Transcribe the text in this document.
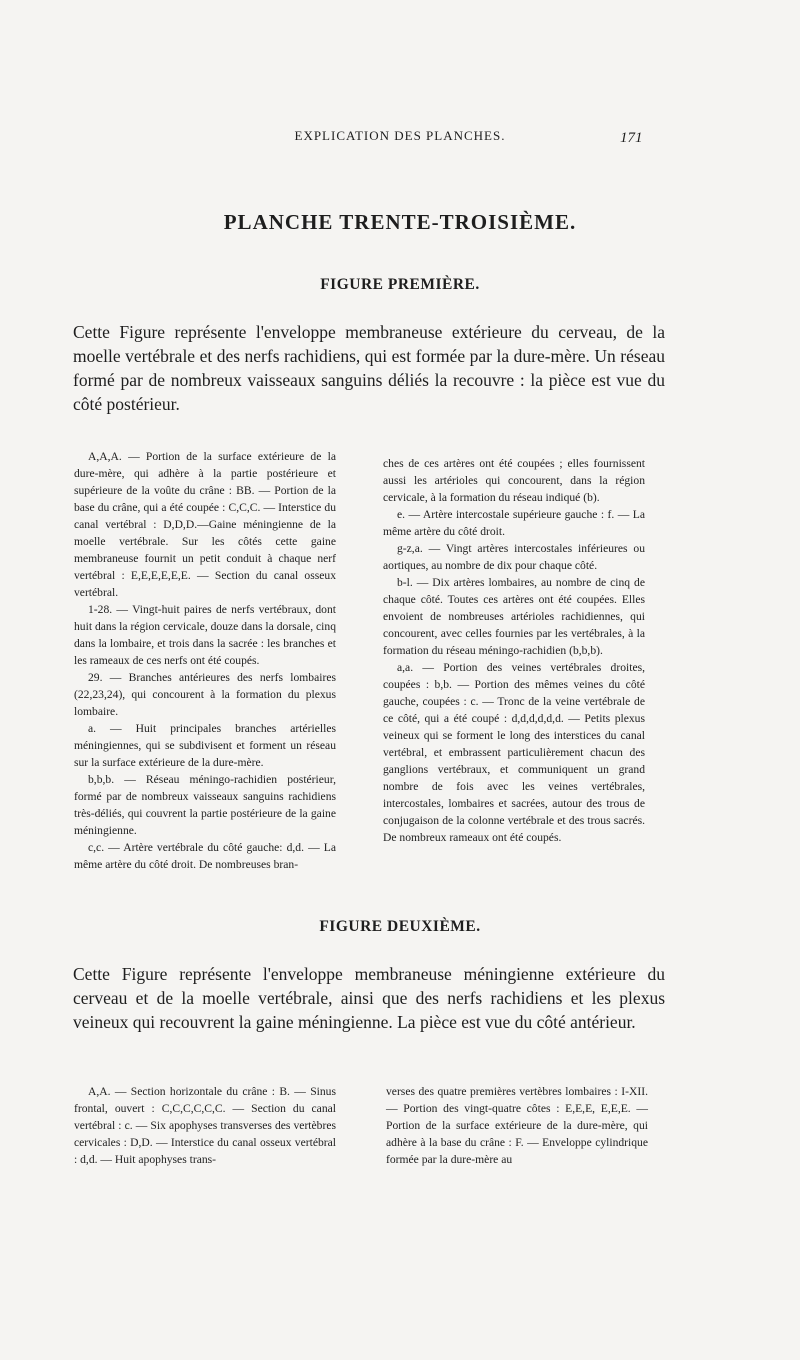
EXPLICATION DES PLANCHES.	171
PLANCHE TRENTE-TROISIÈME.
FIGURE PREMIÈRE.
Cette Figure représente l'enveloppe membraneuse extérieure du cerveau, de la moelle vertébrale et des nerfs rachidiens, qui est formée par la dure-mère. Un réseau formé par de nombreux vaisseaux sanguins déliés la recouvre : la pièce est vue du côté postérieur.

A,A,A. — Portion de la surface extérieure de la dure-mère, qui adhère à la partie postérieure et supérieure de la voûte du crâne : BB. — Portion de la base du crâne, qui a été coupée : C,C,C. — Interstice du canal vertébral : D,D,D.—Gaine méningienne de la moelle vertébrale. Sur les côtés cette gaine membraneuse fournit un petit conduit à chaque nerf vertébral : E,E,E,E,E,E. — Section du canal osseux vertébral.

1-28. — Vingt-huit paires de nerfs vertébraux, dont huit dans la région cervicale, douze dans la dorsale, cinq dans la lombaire, et trois dans la sacrée : les branches et les rameaux de ces nerfs ont été coupés.

29. — Branches antérieures des nerfs lombaires (22,23,24), qui concourent à la formation du plexus lombaire.

a. — Huit principales branches artérielles méningiennes, qui se subdivisent et forment un réseau sur la surface extérieure de la dure-mère.

b,b,b. — Réseau méningo-rachidien postérieur, formé par de nombreux vaisseaux sanguins rachidiens très-déliés, qui couvrent la partie postérieure de la gaine méningienne.

c,c. — Artère vertébrale du côté gauche: d,d. — La même artère du côté droit. De nombreuses bran-

ches de ces artères ont été coupées ; elles fournissent aussi les artérioles qui concourent, dans la région cervicale, à la formation du réseau indiqué (b).

e. — Artère intercostale supérieure gauche : f. — La même artère du côté droit.

g-z,a. — Vingt artères intercostales inférieures ou aortiques, au nombre de dix pour chaque côté.

b-l. — Dix artères lombaires, au nombre de cinq de chaque côté. Toutes ces artères ont été coupées. Elles envoient de nombreuses artérioles rachidiennes, qui concourent, avec celles fournies par les vertébrales, à la formation du réseau méningo-rachidien (b,b,b).

a,a. — Portion des veines vertébrales droites, coupées : b,b. — Portion des mêmes veines du côté gauche, coupées : c. — Tronc de la veine vertébrale de ce côté, qui a été coupé : d,d,d,d,d,d. — Petits plexus veineux qui se forment le long des interstices du canal vertébral, et embrassent particulièrement chacun des ganglions vertébraux, et communiquent un grand nombre de fois avec les veines vertébrales, intercostales, lombaires et sacrées, autour des trous de conjugaison de la colonne vertébrale et des trous sacrés. De nombreux rameaux ont été coupés.

FIGURE DEUXIÈME.
Cette Figure représente l'enveloppe membraneuse méningienne extérieure du cerveau et de la moelle vertébrale, ainsi que des nerfs rachidiens et les plexus veineux qui recouvrent la gaine méningienne. La pièce est vue du côté antérieur.

A,A. — Section horizontale du crâne : B. — Sinus frontal, ouvert : C,C,C,C,C,C. — Section du canal vertébral : c. — Six apophyses transverses des vertèbres cervicales : D,D. — Interstice du canal osseux vertébral : d,d. — Huit apophyses trans-

verses des quatre premières vertèbres lombaires : I-XII. — Portion des vingt-quatre côtes : E,E,E, E,E,E. — Portion de la surface extérieure de la dure-mère, qui adhère à la base du crâne : F. — Enveloppe cylindrique formée par la dure-mère au
